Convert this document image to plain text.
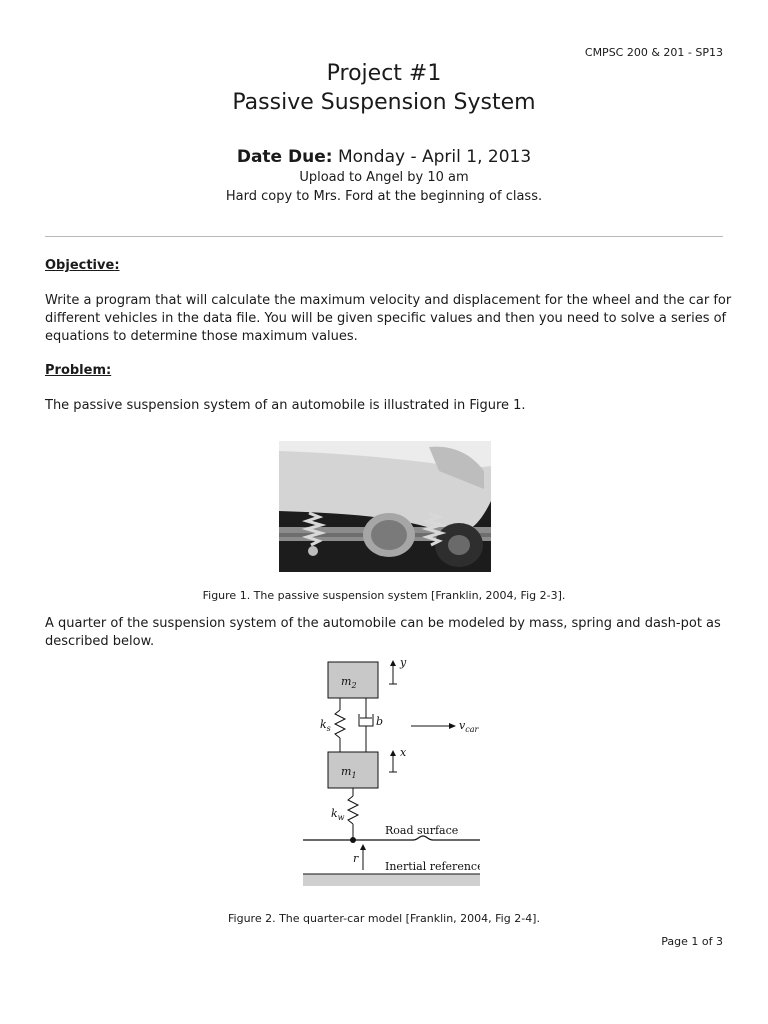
CMPSC 200 & 201 - SP13
Project #1
Passive Suspension System
Date Due: Monday - April 1, 2013
Upload to Angel by 10 am
Hard copy to Mrs. Ford at the beginning of class.
Objective:
Write a program that will calculate the maximum velocity and displacement for the wheel and the car for different vehicles in the data file. You will be given specific values and then you need to solve a series of equations to determine those maximum values.
Problem:
The passive suspension system of an automobile is illustrated in Figure 1.
Figure 1. The passive suspension system [Franklin, 2004, Fig 2-3].
A quarter of the suspension system of the automobile can be modeled by mass, spring and dash-pot as described below.
$m_2$
$k_s$
b
$m_1$
$k_w$
y
x
$v_{car}$
Road surface
r
Inertial reference
Figure 2. The quarter-car model [Franklin, 2004, Fig 2-4].
Page 1 of 3
